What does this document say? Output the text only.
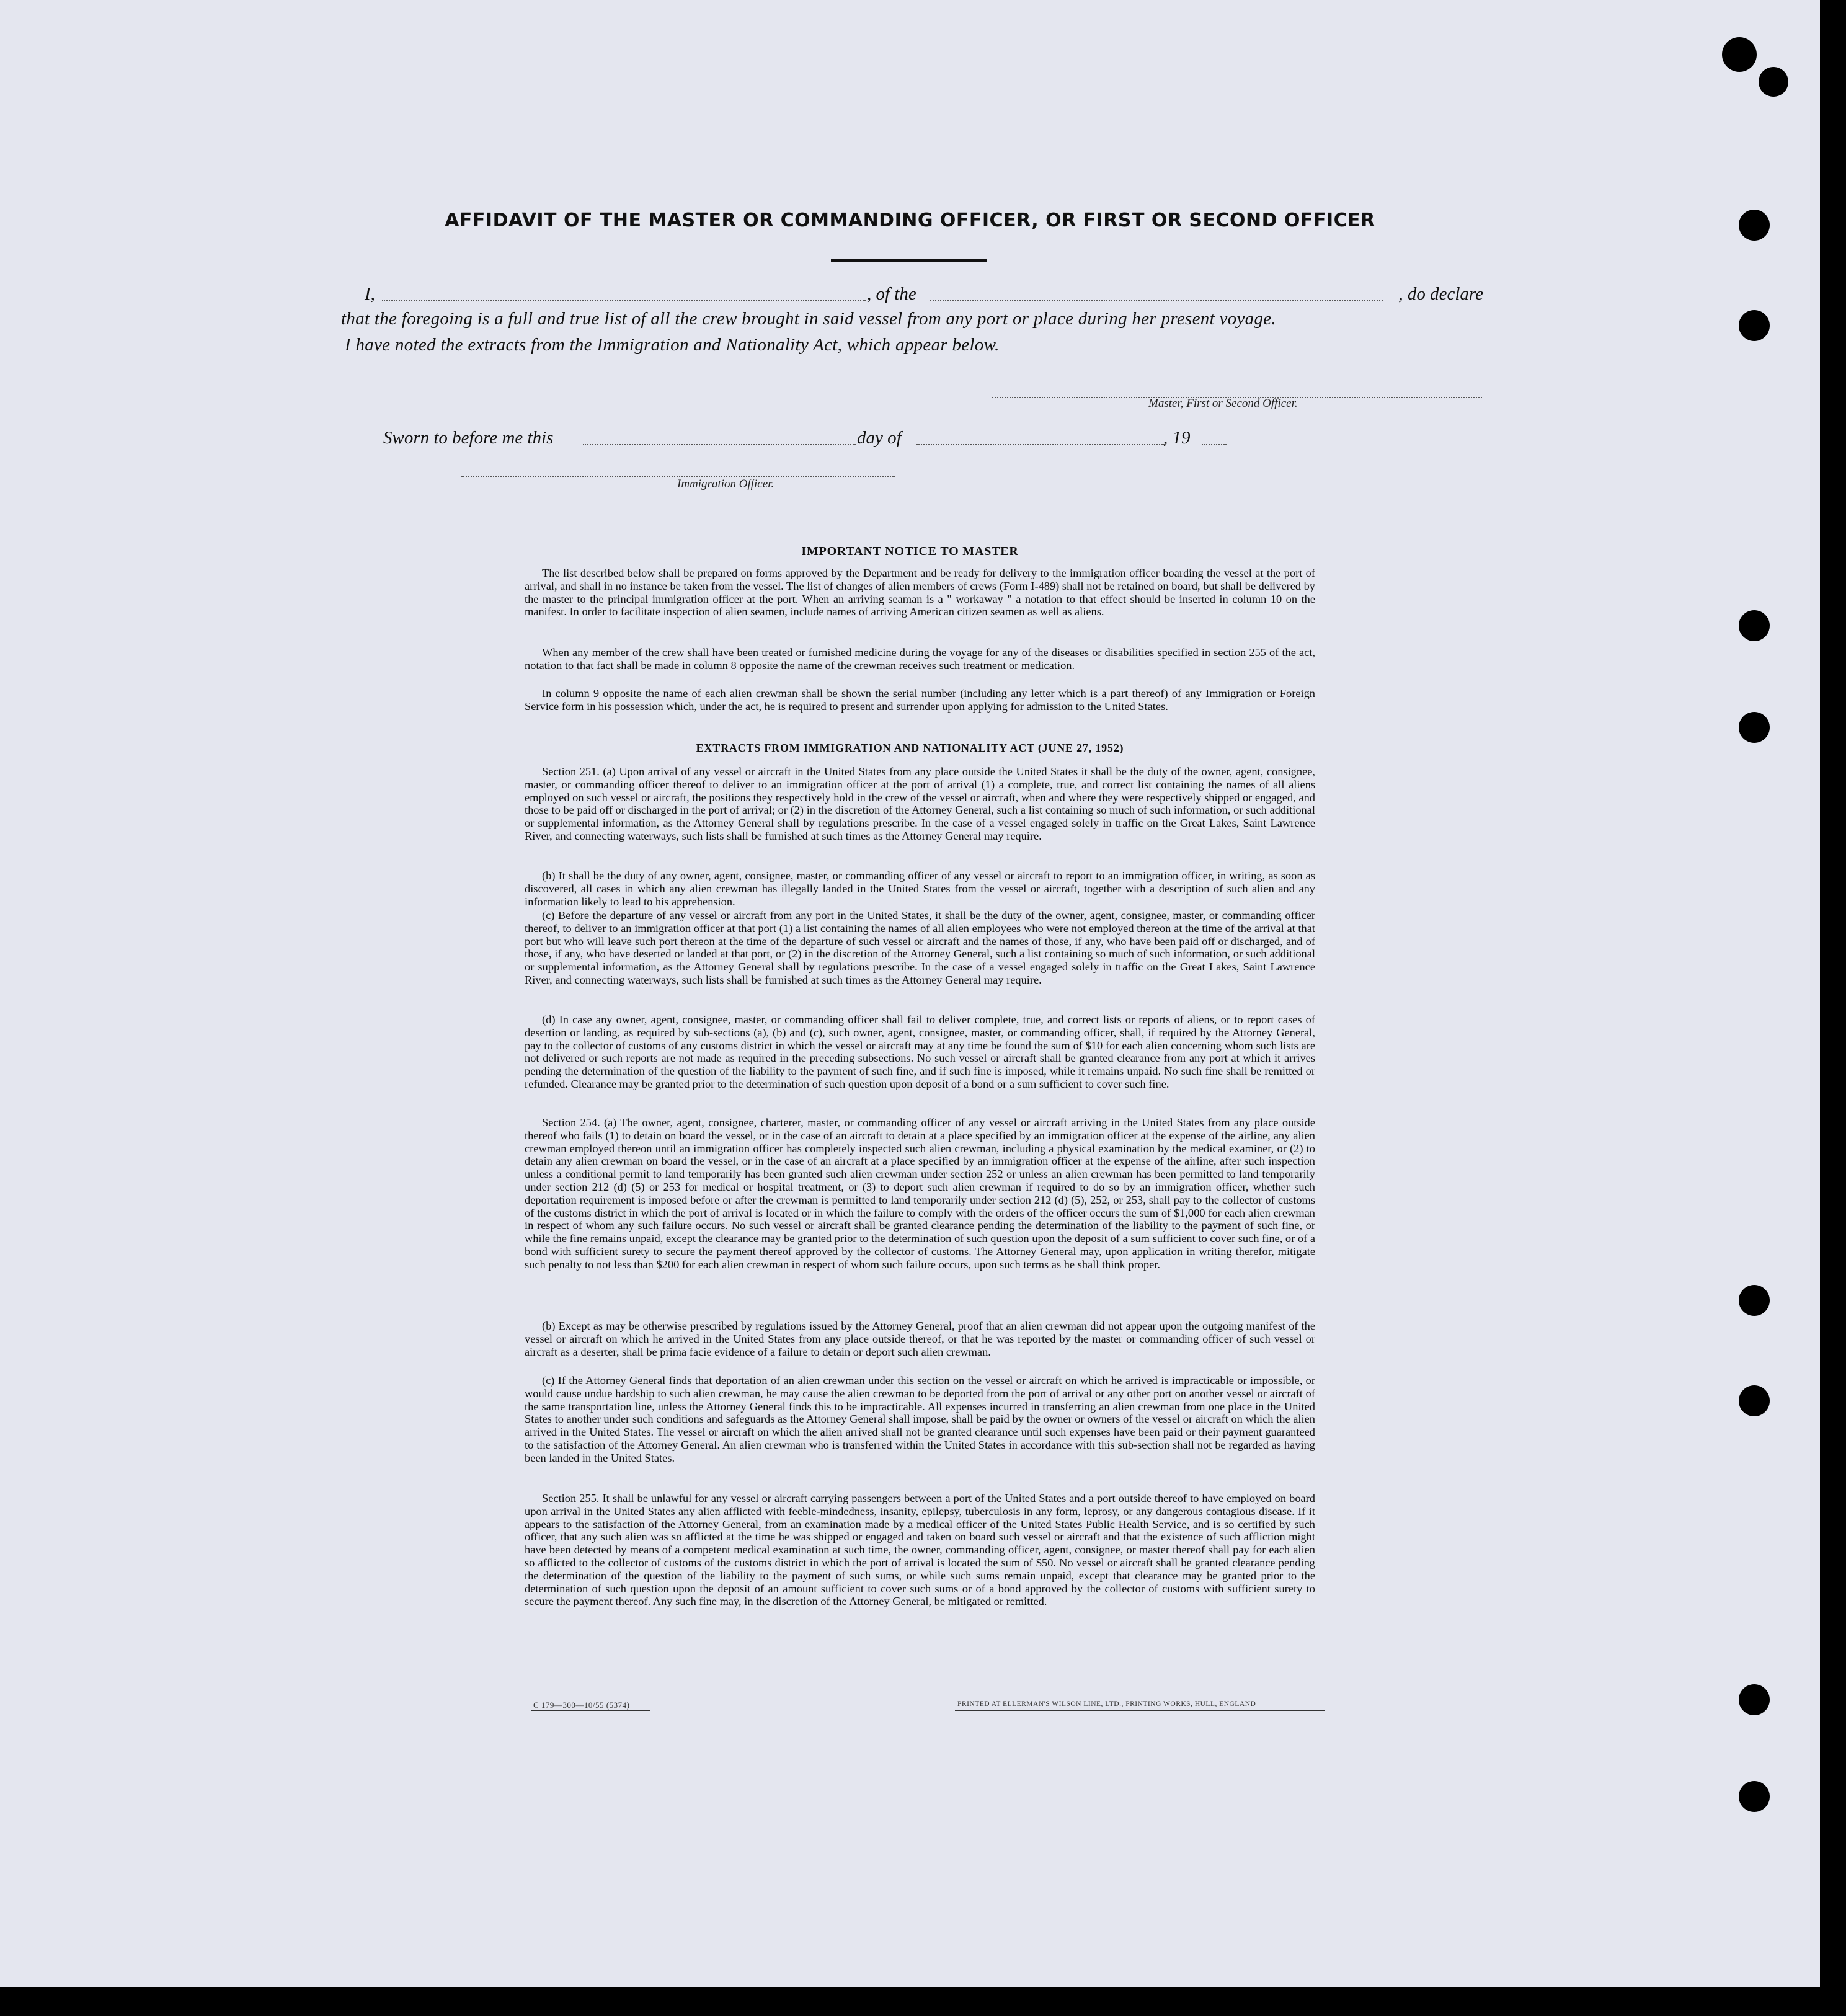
AFFIDAVIT OF THE MASTER OR COMMANDING OFFICER, OR FIRST OR SECOND OFFICER
I,	, of the	, do declare
that the foregoing is a full and true list of all the crew brought in said vessel from any port or place during her present voyage.
I have noted the extracts from the Immigration and Nationality Act, which appear below.
Master, First or Second Officer.
Sworn to before me this	day of	, 19
Immigration Officer.
IMPORTANT NOTICE TO MASTER

The list described below shall be prepared on forms approved by the Department and be ready for delivery to the immigration officer boarding the vessel at the port of arrival, and shall in no instance be taken from the vessel. The list of changes of alien members of crews (Form I-489) shall not be retained on board, but shall be delivered by the master to the principal immigration officer at the port. When an arriving seaman is a " workaway " a notation to that effect should be inserted in column 10 on the manifest. In order to facilitate inspection of alien seamen, include names of arriving American citizen seamen as well as aliens.

When any member of the crew shall have been treated or furnished medicine during the voyage for any of the diseases or disabilities specified in section 255 of the act, notation to that fact shall be made in column 8 opposite the name of the crewman receives such treatment or medication.

In column 9 opposite the name of each alien crewman shall be shown the serial number (including any letter which is a part thereof) of any Immigration or Foreign Service form in his possession which, under the act, he is required to present and surrender upon applying for admission to the United States.

EXTRACTS FROM IMMIGRATION AND NATIONALITY ACT (JUNE 27, 1952)

Section 251. (a) Upon arrival of any vessel or aircraft in the United States from any place outside the United States it shall be the duty of the owner, agent, consignee, master, or commanding officer thereof to deliver to an immigration officer at the port of arrival (1) a complete, true, and correct list containing the names of all aliens employed on such vessel or aircraft, the positions they respectively hold in the crew of the vessel or aircraft, when and where they were respectively shipped or engaged, and those to be paid off or discharged in the port of arrival; or (2) in the discretion of the Attorney General, such a list containing so much of such information, or such additional or supplemental information, as the Attorney General shall by regulations prescribe. In the case of a vessel engaged solely in traffic on the Great Lakes, Saint Lawrence River, and connecting waterways, such lists shall be furnished at such times as the Attorney General may require.

(b) It shall be the duty of any owner, agent, consignee, master, or commanding officer of any vessel or aircraft to report to an immigration officer, in writing, as soon as discovered, all cases in which any alien crewman has illegally landed in the United States from the vessel or aircraft, together with a description of such alien and any information likely to lead to his apprehension.

(c) Before the departure of any vessel or aircraft from any port in the United States, it shall be the duty of the owner, agent, consignee, master, or commanding officer thereof, to deliver to an immigration officer at that port (1) a list containing the names of all alien employees who were not employed thereon at the time of the arrival at that port but who will leave such port thereon at the time of the departure of such vessel or aircraft and the names of those, if any, who have been paid off or discharged, and of those, if any, who have deserted or landed at that port, or (2) in the discretion of the Attorney General, such a list containing so much of such information, or such additional or supplemental information, as the Attorney General shall by regulations prescribe. In the case of a vessel engaged solely in traffic on the Great Lakes, Saint Lawrence River, and connecting waterways, such lists shall be furnished at such times as the Attorney General may require.

(d) In case any owner, agent, consignee, master, or commanding officer shall fail to deliver complete, true, and correct lists or reports of aliens, or to report cases of desertion or landing, as required by sub-sections (a), (b) and (c), such owner, agent, consignee, master, or commanding officer, shall, if required by the Attorney General, pay to the collector of customs of any customs district in which the vessel or aircraft may at any time be found the sum of $10 for each alien concerning whom such lists are not delivered or such reports are not made as required in the preceding subsections. No such vessel or aircraft shall be granted clearance from any port at which it arrives pending the determination of the question of the liability to the payment of such fine, and if such fine is imposed, while it remains unpaid. No such fine shall be remitted or refunded. Clearance may be granted prior to the determination of such question upon deposit of a bond or a sum sufficient to cover such fine.

Section 254. (a) The owner, agent, consignee, charterer, master, or commanding officer of any vessel or aircraft arriving in the United States from any place outside thereof who fails (1) to detain on board the vessel, or in the case of an aircraft to detain at a place specified by an immigration officer at the expense of the airline, any alien crewman employed thereon until an immigration officer has completely inspected such alien crewman, including a physical examination by the medical examiner, or (2) to detain any alien crewman on board the vessel, or in the case of an aircraft at a place specified by an immigration officer at the expense of the airline, after such inspection unless a conditional permit to land temporarily has been granted such alien crewman under section 252 or unless an alien crewman has been permitted to land temporarily under section 212 (d) (5) or 253 for medical or hospital treatment, or (3) to deport such alien crewman if required to do so by an immigration officer, whether such deportation requirement is imposed before or after the crewman is permitted to land temporarily under section 212 (d) (5), 252, or 253, shall pay to the collector of customs of the customs district in which the port of arrival is located or in which the failure to comply with the orders of the officer occurs the sum of $1,000 for each alien crewman in respect of whom any such failure occurs. No such vessel or aircraft shall be granted clearance pending the determination of the liability to the payment of such fine, or while the fine remains unpaid, except the clearance may be granted prior to the determination of such question upon the deposit of a sum sufficient to cover such fine, or of a bond with sufficient surety to secure the payment thereof approved by the collector of customs. The Attorney General may, upon application in writing therefor, mitigate such penalty to not less than $200 for each alien crewman in respect of whom such failure occurs, upon such terms as he shall think proper.

(b) Except as may be otherwise prescribed by regulations issued by the Attorney General, proof that an alien crewman did not appear upon the outgoing manifest of the vessel or aircraft on which he arrived in the United States from any place outside thereof, or that he was reported by the master or commanding officer of such vessel or aircraft as a deserter, shall be prima facie evidence of a failure to detain or deport such alien crewman.

(c) If the Attorney General finds that deportation of an alien crewman under this section on the vessel or aircraft on which he arrived is impracticable or impossible, or would cause undue hardship to such alien crewman, he may cause the alien crewman to be deported from the port of arrival or any other port on another vessel or aircraft of the same transportation line, unless the Attorney General finds this to be impracticable. All expenses incurred in transferring an alien crewman from one place in the United States to another under such conditions and safeguards as the Attorney General shall impose, shall be paid by the owner or owners of the vessel or aircraft on which the alien arrived in the United States. The vessel or aircraft on which the alien arrived shall not be granted clearance until such expenses have been paid or their payment guaranteed to the satisfaction of the Attorney General. An alien crewman who is transferred within the United States in accordance with this sub-section shall not be regarded as having been landed in the United States.

Section 255. It shall be unlawful for any vessel or aircraft carrying passengers between a port of the United States and a port outside thereof to have employed on board upon arrival in the United States any alien afflicted with feeble-mindedness, insanity, epilepsy, tuberculosis in any form, leprosy, or any dangerous contagious disease. If it appears to the satisfaction of the Attorney General, from an examination made by a medical officer of the United States Public Health Service, and is so certified by such officer, that any such alien was so afflicted at the time he was shipped or engaged and taken on board such vessel or aircraft and that the existence of such affliction might have been detected by means of a competent medical examination at such time, the owner, commanding officer, agent, consignee, or master thereof shall pay for each alien so afflicted to the collector of customs of the customs district in which the port of arrival is located the sum of $50. No vessel or aircraft shall be granted clearance pending the determination of the question of the liability to the payment of such sums, or while such sums remain unpaid, except that clearance may be granted prior to the determination of such question upon the deposit of an amount sufficient to cover such sums or of a bond approved by the collector of customs with sufficient surety to secure the payment thereof. Any such fine may, in the discretion of the Attorney General, be mitigated or remitted.

C 179—300—10/55 (5374)	PRINTED AT ELLERMAN'S WILSON LINE, LTD., PRINTING WORKS, HULL, ENGLAND
